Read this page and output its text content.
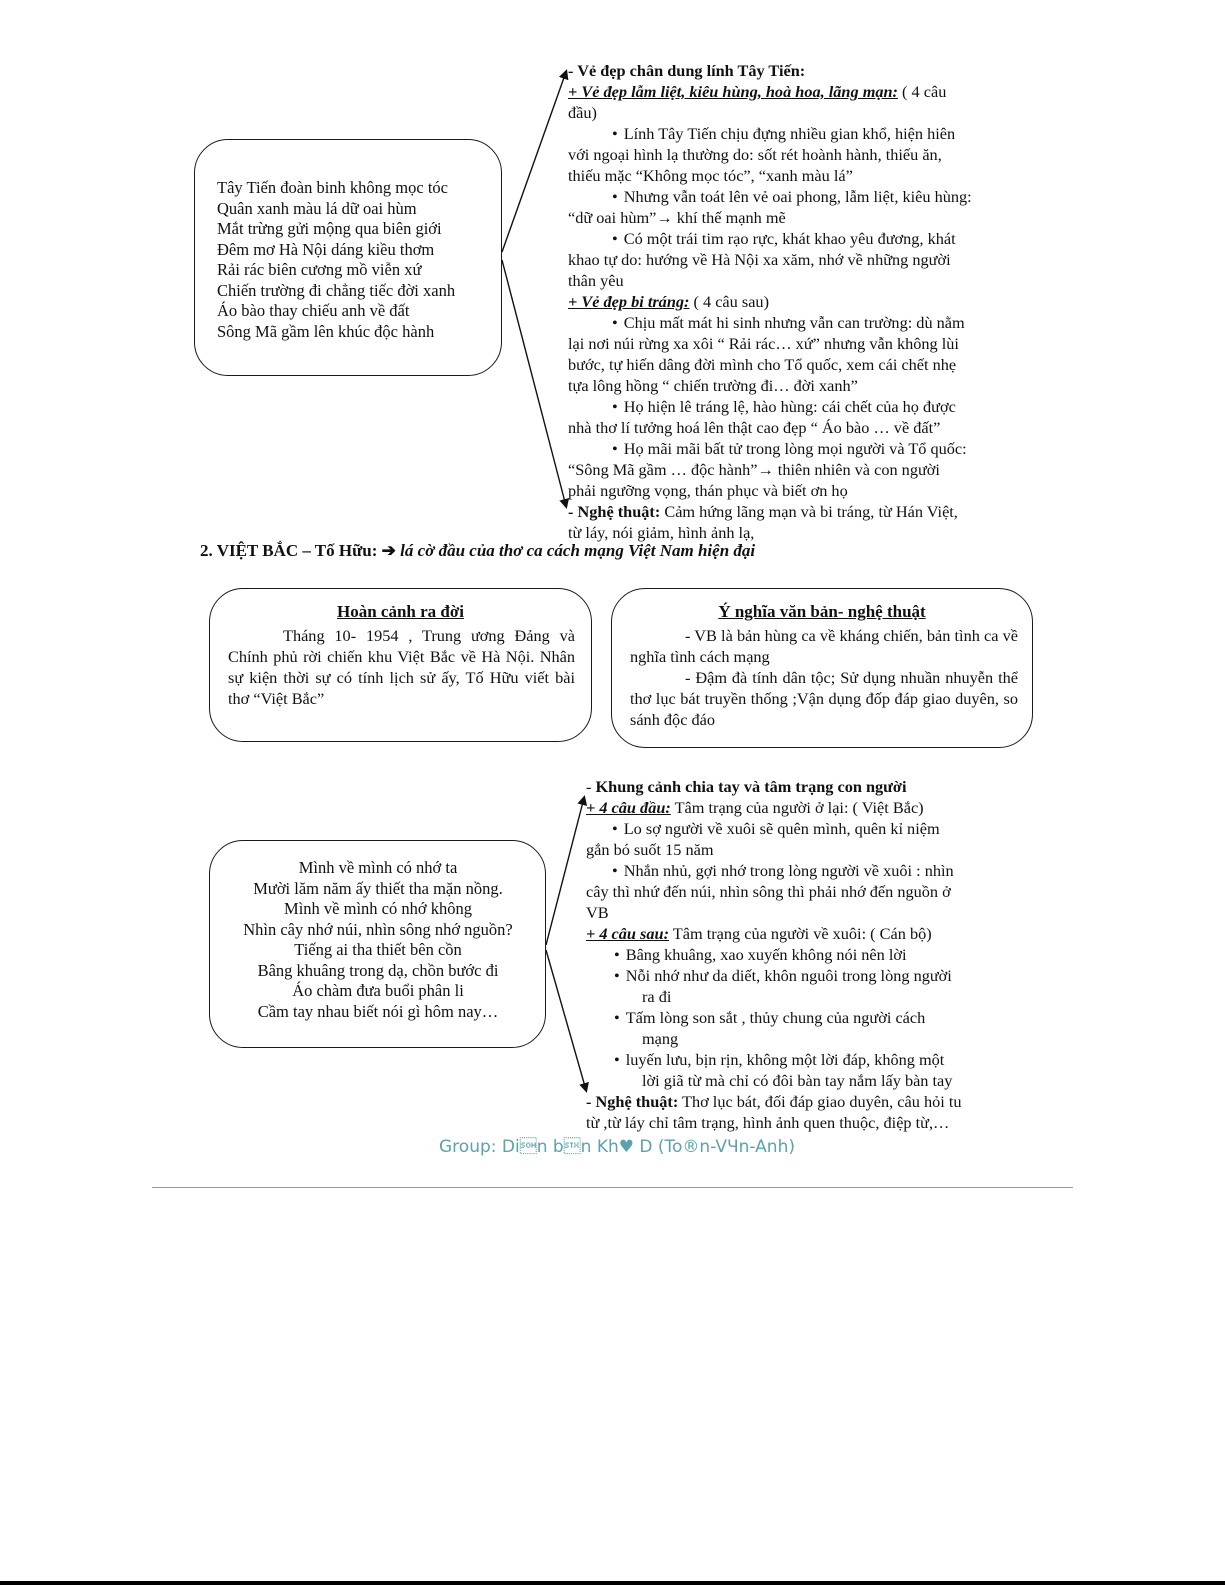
Tây Tiến đoàn binh không mọc tóc
Quân xanh màu lá dữ oai hùm
Mắt trừng gửi mộng qua biên giới
Đêm mơ Hà Nội dáng kiều thơm
Rải rác biên cương mồ viễn xứ
Chiến trường đi chẳng tiếc đời xanh
Áo bào thay chiếu anh về đất
Sông Mã gầm lên khúc độc hành
- Vẻ đẹp chân dung lính Tây Tiến:
+ Vẻ đẹp lẫm liệt, kiêu hùng, hoà hoa, lãng mạn: ( 4 câu
đầu)
• Lính Tây Tiến chịu đựng nhiều gian khổ, hiện hiên
với ngoại hình lạ thường do: sốt rét hoành hành, thiếu ăn,
thiếu mặc “Không mọc tóc”, “xanh màu lá”
• Nhưng vẫn toát lên vẻ oai phong, lẫm liệt, kiêu hùng:
“dữ oai hùm”→ khí thế mạnh mẽ
• Có một trái tim rạo rực, khát khao yêu đương, khát
khao tự do: hướng về Hà Nội xa xăm, nhớ về những người
thân yêu
+ Vẻ đẹp bi tráng: ( 4 câu sau)
• Chịu mất mát hi sinh nhưng vẫn can trường: dù nằm
lại nơi núi rừng xa xôi “ Rải rác… xứ” nhưng vẫn không lùi
bước, tự hiến dâng đời mình cho Tổ quốc, xem cái chết nhẹ
tựa lông hồng “ chiến trường đi… đời xanh”
• Họ hiện lê tráng lệ, hào hùng: cái chết của họ được
nhà thơ lí tưởng hoá lên thật cao đẹp “ Áo bào … về đất”
• Họ mãi mãi bất tử trong lòng mọi người và Tổ quốc:
“Sông Mã gầm … độc hành”→ thiên nhiên và con người
phải ngưỡng vọng, thán phục và biết ơn họ
- Nghệ thuật: Cảm hứng lãng mạn và bi tráng, từ Hán Việt,
từ láy, nói giảm, hình ảnh lạ,
2. VIỆT BẮC – Tố Hữu: ➔ lá cờ đầu của thơ ca cách mạng Việt Nam hiện đại
Hoàn cảnh ra đời
Tháng 10- 1954 , Trung ương Đảng và Chính phủ rời chiến khu Việt Bắc về Hà Nội. Nhân sự kiện thời sự có tính lịch sử ấy, Tố Hữu viết bài thơ “Việt Bắc”
Ý nghĩa văn bản- nghệ thuật
- VB là bản hùng ca về kháng chiến, bản tình ca về nghĩa tình cách mạng
- Đậm đà tính dân tộc; Sử dụng nhuần nhuyễn thể thơ lục bát truyền thống ;Vận dụng đốp đáp giao duyên, so sánh độc đáo
Mình về mình có nhớ ta
Mười lăm năm ấy thiết tha mặn nồng.
Mình về mình có nhớ không
Nhìn cây nhớ núi, nhìn sông nhớ nguồn?
Tiếng ai tha thiết bên cồn
Bâng khuâng trong dạ, chồn bước đi
Áo chàm đưa buổi phân li
Cầm tay nhau biết nói gì hôm nay…
- Khung cảnh chia tay và tâm trạng con người
+ 4 câu đầu: Tâm trạng của người ở lại: ( Việt Bắc)
• Lo sợ người về xuôi sẽ quên mình, quên kỉ niệm
gắn bó suốt 15 năm
• Nhắn nhủ, gợi nhớ trong lòng người về xuôi : nhìn
cây thì nhứ đến núi, nhìn sông thì phải nhớ đến nguồn ở
VB
+ 4 câu sau: Tâm trạng của người về xuôi: ( Cán bộ)
• Bâng khuâng, xao xuyến không nói nên lời
• Nỗi nhớ như da diết, khôn nguôi trong lòng người
ra đi
• Tấm lòng son sắt , thủy chung của người cách
mạng
• luyến lưu, bịn rịn, không một lời đáp, không một
lời giã từ mà chỉ có đôi bàn tay nắm lấy bàn tay
- Nghệ thuật: Thơ lục bát, đối đáp giao duyên, câu hỏi tu
từ ,từ láy chỉ tâm trạng, hình ảnh quen thuộc, điệp từ,…
Group: Din bn Kh♥ D (To®n-VЧn-Anh)
